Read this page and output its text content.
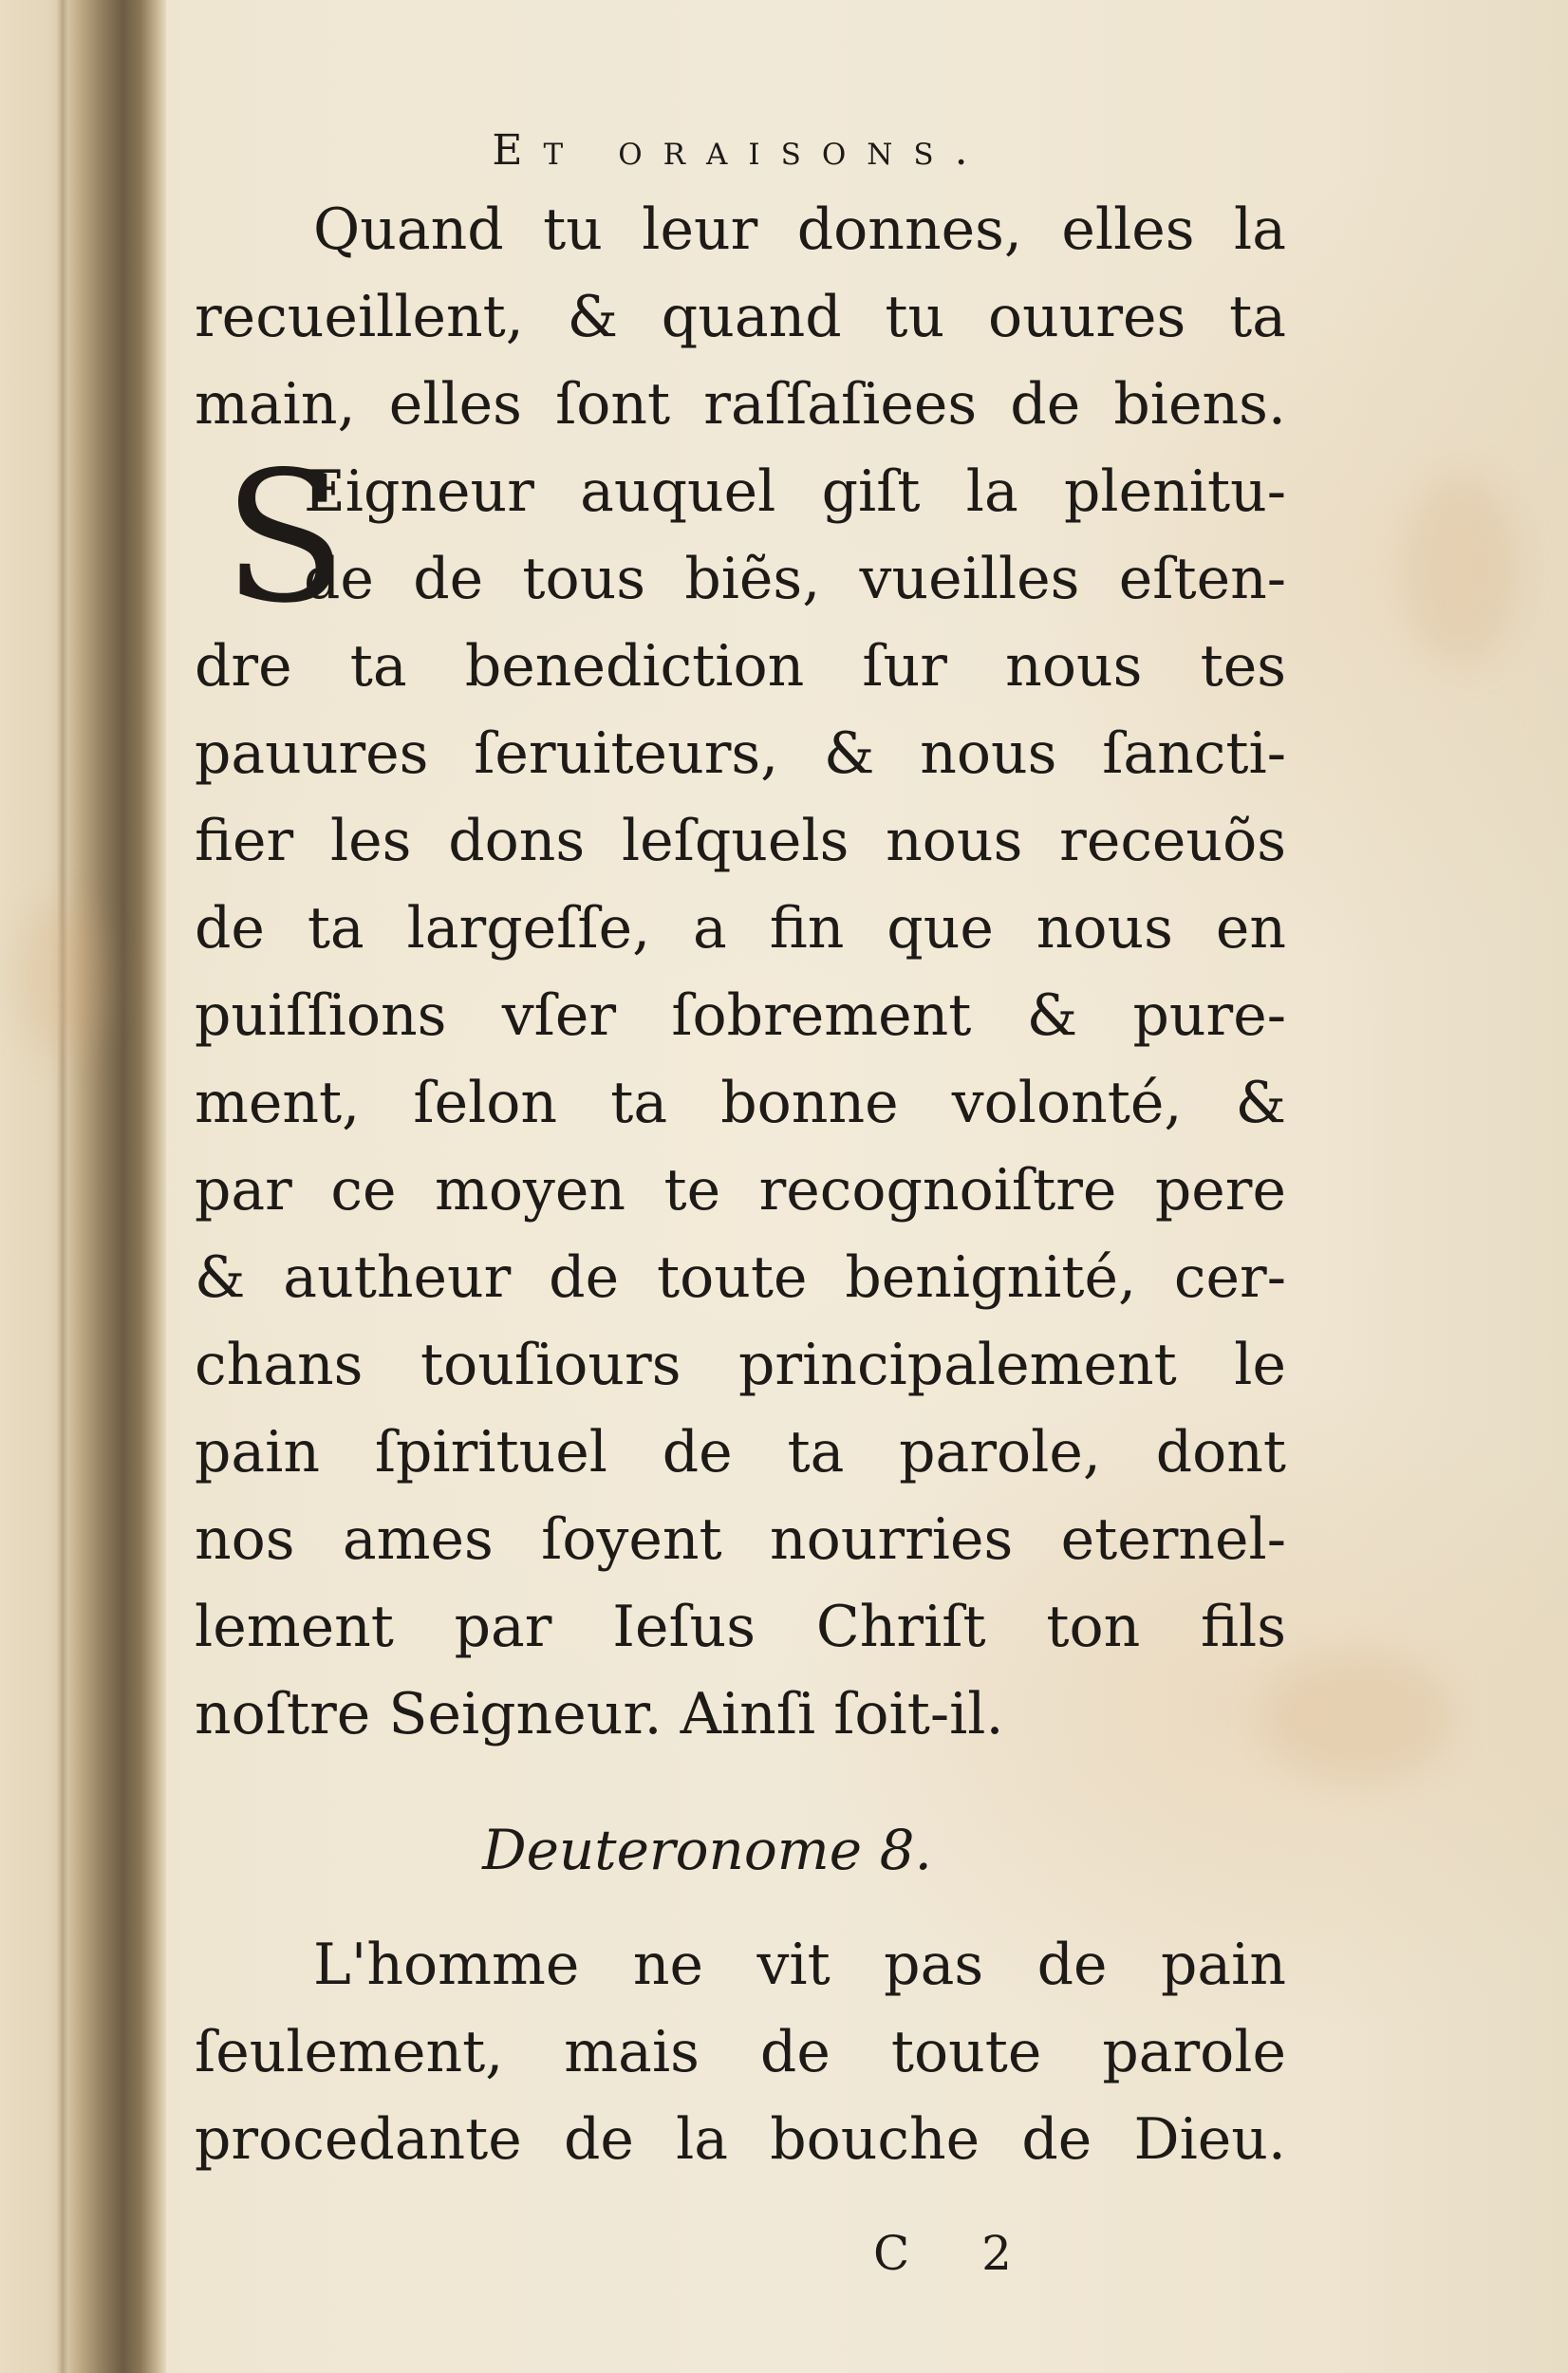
Et oraisons.
Quand tu leur donnes, elles la
recueillent, & quand tu ouures ta
main, elles ſont raſſaſiees de biens.
S
Eigneur auquel giſt la plenitu-
de de tous biẽs, vueilles eſten-
dre ta benediction ſur nous tes
pauures ſeruiteurs, & nous ſancti-
fier les dons leſquels nous receuõs
de ta largeſſe, a fin que nous en
puiſſions vſer ſobrement & pure-
ment, ſelon ta bonne volonté, &
par ce moyen te recognoiſtre pere
& autheur de toute benignité, cer-
chans touſiours principalement le
pain ſpirituel de ta parole, dont
nos ames ſoyent nourries eternel-
lement par Ieſus Chriſt ton fils
noſtre Seigneur. Ainſi ſoit-il.
Deuteronome 8.
L'homme ne vit pas de pain
ſeulement, mais de toute parole
procedante de la bouche de Dieu.
C 2
